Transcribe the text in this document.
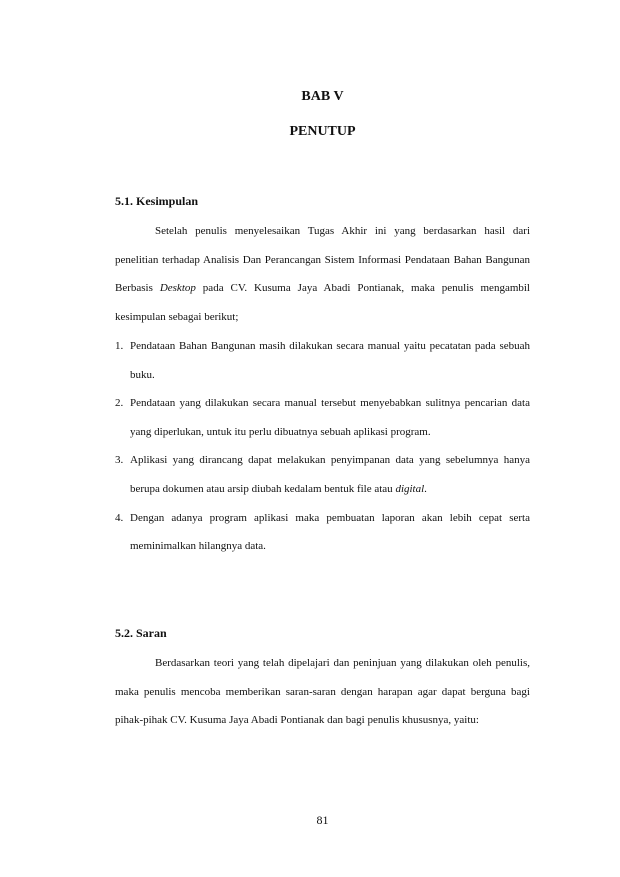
BAB V
PENUTUP
5.1. Kesimpulan

Setelah penulis menyelesaikan Tugas Akhir ini yang berdasarkan hasil dari penelitian terhadap Analisis Dan Perancangan Sistem Informasi Pendataan Bahan Bangunan Berbasis Desktop pada CV. Kusuma Jaya Abadi Pontianak, maka penulis mengambil kesimpulan sebagai berikut;

1. Pendataan Bahan Bangunan masih dilakukan secara manual yaitu pecatatan pada sebuah buku.
2. Pendataan yang dilakukan secara manual tersebut menyebabkan sulitnya pencarian data yang diperlukan, untuk itu perlu dibuatnya sebuah aplikasi program.
3. Aplikasi yang dirancang dapat melakukan penyimpanan data yang sebelumnya hanya berupa dokumen atau arsip diubah kedalam bentuk file atau digital.
4. Dengan adanya program aplikasi maka pembuatan laporan akan lebih cepat serta meminimalkan hilangnya data.
5.2. Saran

Berdasarkan teori yang telah dipelajari dan peninjuan yang dilakukan oleh penulis, maka penulis mencoba memberikan saran-saran dengan harapan agar dapat berguna bagi pihak-pihak CV. Kusuma Jaya Abadi Pontianak dan bagi penulis khususnya, yaitu:

81
